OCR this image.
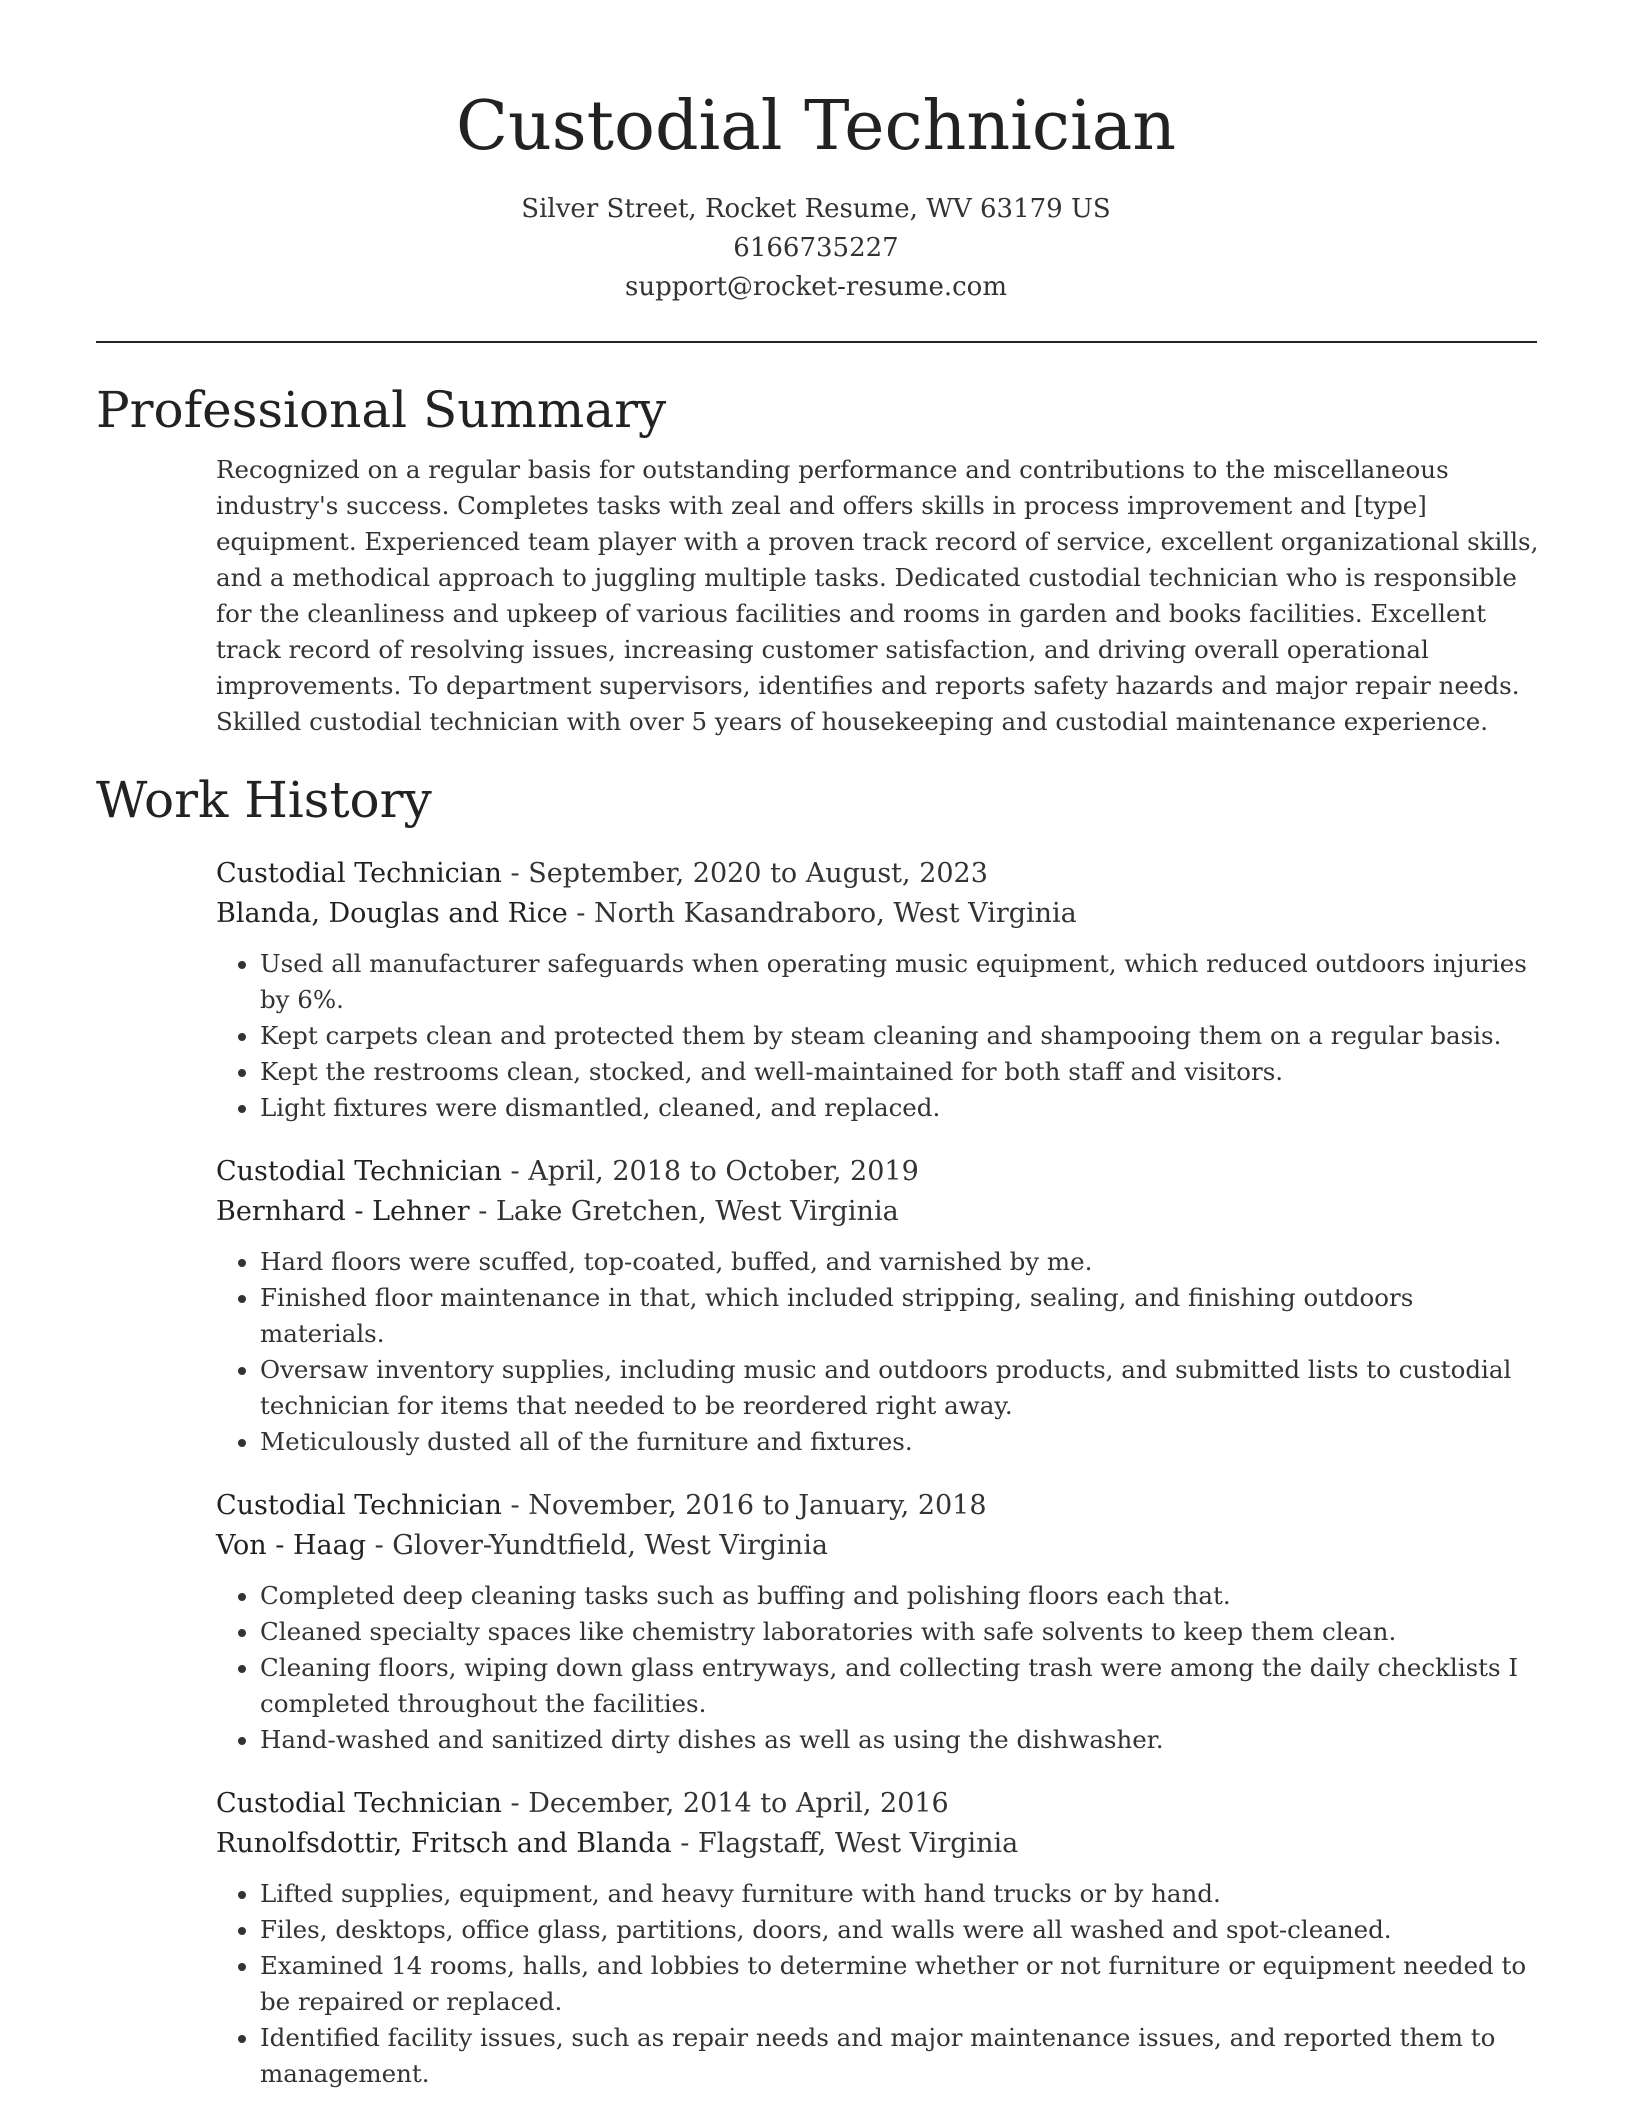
Custodial Technician
Silver Street, Rocket Resume, WV 63179 US
6166735227
support@rocket-resume.com
Professional Summary

Recognized on a regular basis for outstanding performance and contributions to the miscellaneous industry's success. Completes tasks with zeal and offers skills in process improvement and [type] equipment. Experienced team player with a proven track record of service, excellent organizational skills, and a methodical approach to juggling multiple tasks. Dedicated custodial technician who is responsible for the cleanliness and upkeep of various facilities and rooms in garden and books facilities. Excellent track record of resolving issues, increasing customer satisfaction, and driving overall operational improvements. To department supervisors, identifies and reports safety hazards and major repair needs. Skilled custodial technician with over 5 years of housekeeping and custodial maintenance experience.

Work History
Custodial Technician - September, 2020 to August, 2023
Blanda, Douglas and Rice - North Kasandraboro, West Virginia
• Used all manufacturer safeguards when operating music equipment, which reduced outdoors injuries by 6%.
• Kept carpets clean and protected them by steam cleaning and shampooing them on a regular basis.
• Kept the restrooms clean, stocked, and well-maintained for both staff and visitors.
• Light fixtures were dismantled, cleaned, and replaced.
Custodial Technician - April, 2018 to October, 2019
Bernhard - Lehner - Lake Gretchen, West Virginia
• Hard floors were scuffed, top-coated, buffed, and varnished by me.
• Finished floor maintenance in that, which included stripping, sealing, and finishing outdoors materials.
• Oversaw inventory supplies, including music and outdoors products, and submitted lists to custodial technician for items that needed to be reordered right away.
• Meticulously dusted all of the furniture and fixtures.
Custodial Technician - November, 2016 to January, 2018
Von - Haag - Glover-Yundtfield, West Virginia
• Completed deep cleaning tasks such as buffing and polishing floors each that.
• Cleaned specialty spaces like chemistry laboratories with safe solvents to keep them clean.
• Cleaning floors, wiping down glass entryways, and collecting trash were among the daily checklists I completed throughout the facilities.
• Hand-washed and sanitized dirty dishes as well as using the dishwasher.
Custodial Technician - December, 2014 to April, 2016
Runolfsdottir, Fritsch and Blanda - Flagstaff, West Virginia
• Lifted supplies, equipment, and heavy furniture with hand trucks or by hand.
• Files, desktops, office glass, partitions, doors, and walls were all washed and spot-cleaned.
• Examined 14 rooms, halls, and lobbies to determine whether or not furniture or equipment needed to be repaired or replaced.
• Identified facility issues, such as repair needs and major maintenance issues, and reported them to management.
